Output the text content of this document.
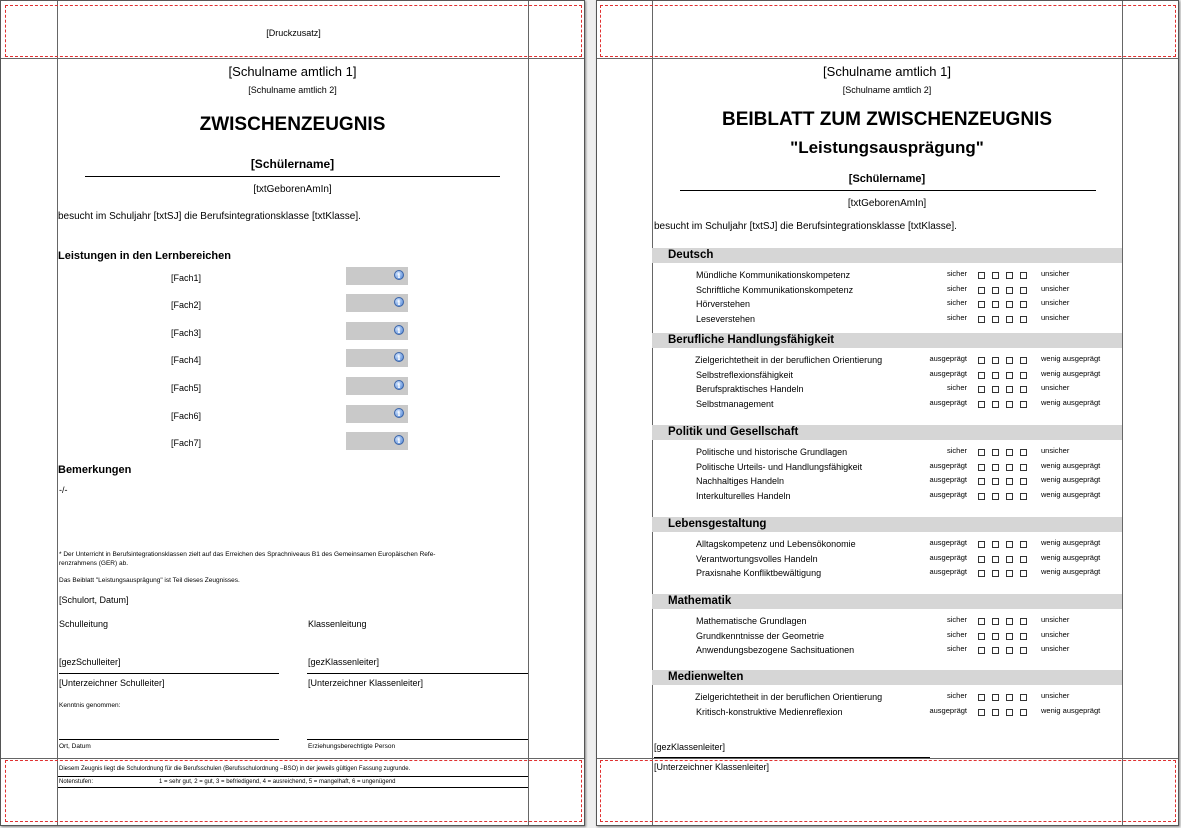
[Druckzusatz]
[Schulname amtlich 1]
[Schulname amtlich 2]
ZWISCHENZEUGNIS
[Schülername]
[txtGeborenAmIn]
besucht im Schuljahr [txtSJ] die Berufsintegrationsklasse [txtKlasse].
Leistungen in den Lernbereichen
[Fach1]	i
[Fach2]	i
[Fach3]	i
[Fach4]	i
[Fach5]	i
[Fach6]	i
[Fach7]	i
Bemerkungen
-/-
* Der Unterricht in Berufsintegrationsklassen zielt auf das Erreichen des Sprachniveaus B1 des Gemeinsamen Europäischen Refe-
renzrahmens (GER) ab.
Das Beiblatt "Leistungsausprägung" ist Teil dieses Zeugnisses.
[Schulort, Datum]
Schulleitung	Klassenleitung
[gezSchulleiter]	[gezKlassenleiter]
[Unterzeichner Schulleiter]	[Unterzeichner Klassenleiter]
Kenntnis genommen:
Ort, Datum	Erziehungsberechtigte Person
Diesem Zeugnis liegt die Schulordnung für die Berufsschulen (Berufsschulordnung –BSO) in der jeweils gültigen Fassung zugrunde.
Notenstufen:	1 = sehr gut, 2 = gut, 3 = befriedigend, 4 = ausreichend, 5 = mangelhaft, 6 = ungenügend
[Schulname amtlich 1]
[Schulname amtlich 2]
BEIBLATT ZUM ZWISCHENZEUGNIS
"Leistungsausprägung"
[Schülername]
[txtGeborenAmIn]
besucht im Schuljahr [txtSJ] die Berufsintegrationsklasse [txtKlasse].
Deutsch
Mündliche Kommunikationskompetenz	sicher	unsicher
Schriftliche Kommunikationskompetenz	sicher	unsicher
Hörverstehen	sicher	unsicher
Leseverstehen	sicher	unsicher
Berufliche Handlungsfähigkeit
Zielgerichtetheit in der beruflichen Orientierung	ausgeprägt	wenig ausgeprägt
Selbstreflexionsfähigkeit	ausgeprägt	wenig ausgeprägt
Berufspraktisches Handeln	sicher	unsicher
Selbstmanagement	ausgeprägt	wenig ausgeprägt
Politik und Gesellschaft
Politische und historische Grundlagen	sicher	unsicher
Politische Urteils- und Handlungsfähigkeit	ausgeprägt	wenig ausgeprägt
Nachhaltiges Handeln	ausgeprägt	wenig ausgeprägt
Interkulturelles Handeln	ausgeprägt	wenig ausgeprägt
Lebensgestaltung
Alltagskompetenz und Lebensökonomie	ausgeprägt	wenig ausgeprägt
Verantwortungsvolles Handeln	ausgeprägt	wenig ausgeprägt
Praxisnahe Konfliktbewältigung	ausgeprägt	wenig ausgeprägt
Mathematik
Mathematische Grundlagen	sicher	unsicher
Grundkenntnisse der Geometrie	sicher	unsicher
Anwendungsbezogene Sachsituationen	sicher	unsicher
Medienwelten
Zielgerichtetheit in der beruflichen Orientierung	sicher	unsicher
Kritisch-konstruktive Medienreflexion	ausgeprägt	wenig ausgeprägt
[gezKlassenleiter]
[Unterzeichner Klassenleiter]
